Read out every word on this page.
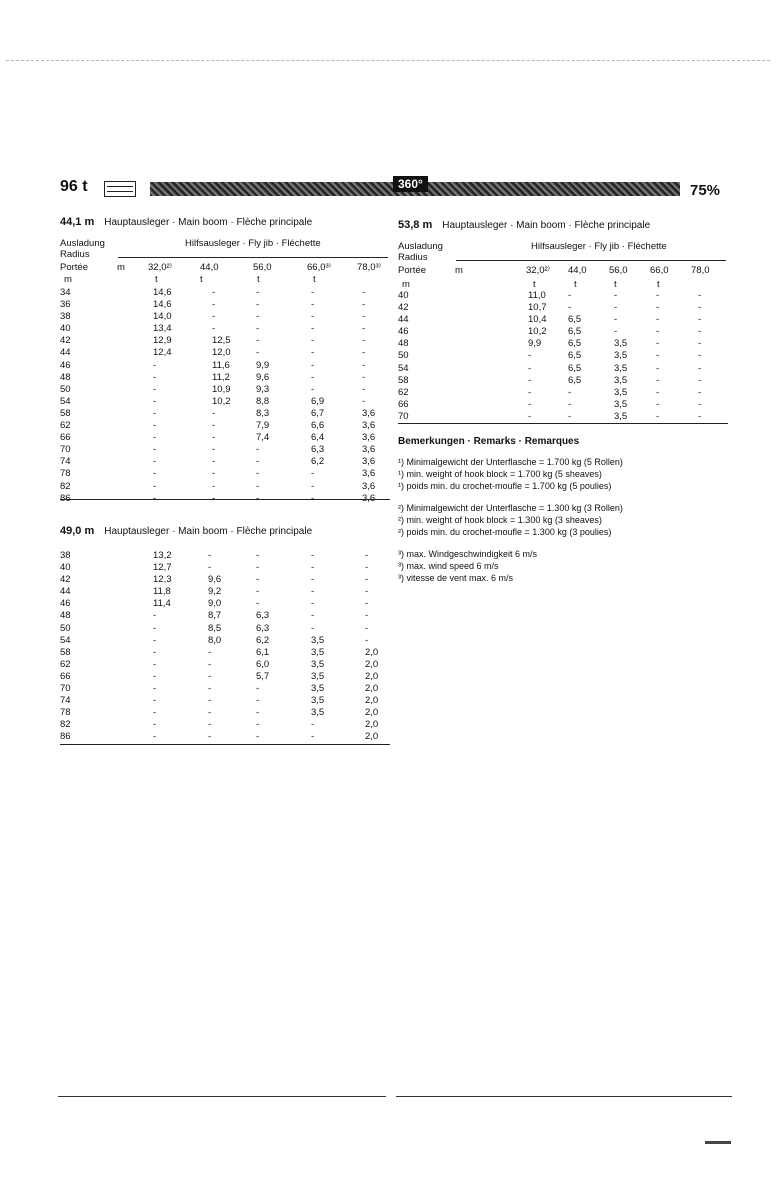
96 t	360°	75%
44,1 m Hauptausleger · Main boom · Flèche principale
Ausladung	Hilfsausleger · Fly jib · Fléchette
Radius
Portée	m 32,0²⁾	44,0	56,0	66,0³⁾	78,0³⁾
m	t	t	t	t
34	14,6	-	-	-	-
36	14,6	-	-	-	-
38	14,0	-	-	-	-
40	13,4	-	-	-	-
42	12,9	12,5	-	-	-
44	12,4	12,0	-	-	-
46	-	11,6	9,9	-	-
48	-	11,2	9,6	-	-
50	-	10,9	9,3	-	-
54	-	10,2	8,8	6,9	-
58	-	-	8,3	6,7	3,6
62	-	-	7,9	6,6	3,6
66	-	-	7,4	6,4	3,6
70	-	-	-	6,3	3,6
74	-	-	-	6,2	3,6
78	-	-	-	-	3,6
82	-	-	-	-	3,6
86	-	-	-	-	3,6
49,0 m Hauptausleger · Main boom · Flèche principale
38	13,2	-	-	-	-
40	12,7	-	-	-	-
42	12,3	9,6	-	-	-
44	11,8	9,2	-	-	-
46	11,4	9,0	-	-	-
48	-	8,7	6,3	-	-
50	-	8,5	6,3	-	-
54	-	8,0	6,2	3,5	-
58	-	-	6,1	3,5	2,0
62	-	-	6,0	3,5	2,0
66	-	-	5,7	3,5	2,0
70	-	-	-	3,5	2,0
74	-	-	-	3,5	2,0
78	-	-	-	3,5	2,0
82	-	-	-	-	2,0
86	-	-	-	-	2,0
53,8 m Hauptausleger · Main boom · Flèche principale
Ausladung	Hilfsausleger · Fly jib · Fléchette
Radius
Portée	m	32,0²⁾ 44,0 56,0 66,0 78,0
m	t	t	t	t
40	11,0 -	-	-	-
42	10,7 -	-	-	-
44	10,4 6,5	-	-	-
46	10,2 6,5	-	-	-
48	9,9	6,5	3,5	-	-
50	-	6,5	3,5	-	-
54	-	6,5	3,5	-	-
58	-	6,5	3,5	-	-
62	-	-	3,5	-	-
66	-	-	3,5	-	-
70	-	-	3,5	-	-
Bemerkungen · Remarks · Remarques
¹) Minimalgewicht der Unterflasche = 1.700 kg (5 Rollen)
¹) min. weight of hook block = 1.700 kg (5 sheaves)
¹) poids min. du crochet-moufle = 1.700 kg (5 poulies)
²) Minimalgewicht der Unterflasche = 1.300 kg (3 Rollen)
²) min. weight of hook block = 1.300 kg (3 sheaves)
²) poids min. du crochet-moufle = 1.300 kg (3 poulies)
³) max. Windgeschwindigkeit 6 m/s
³) max. wind speed 6 m/s
³) vitesse de vent max. 6 m/s
